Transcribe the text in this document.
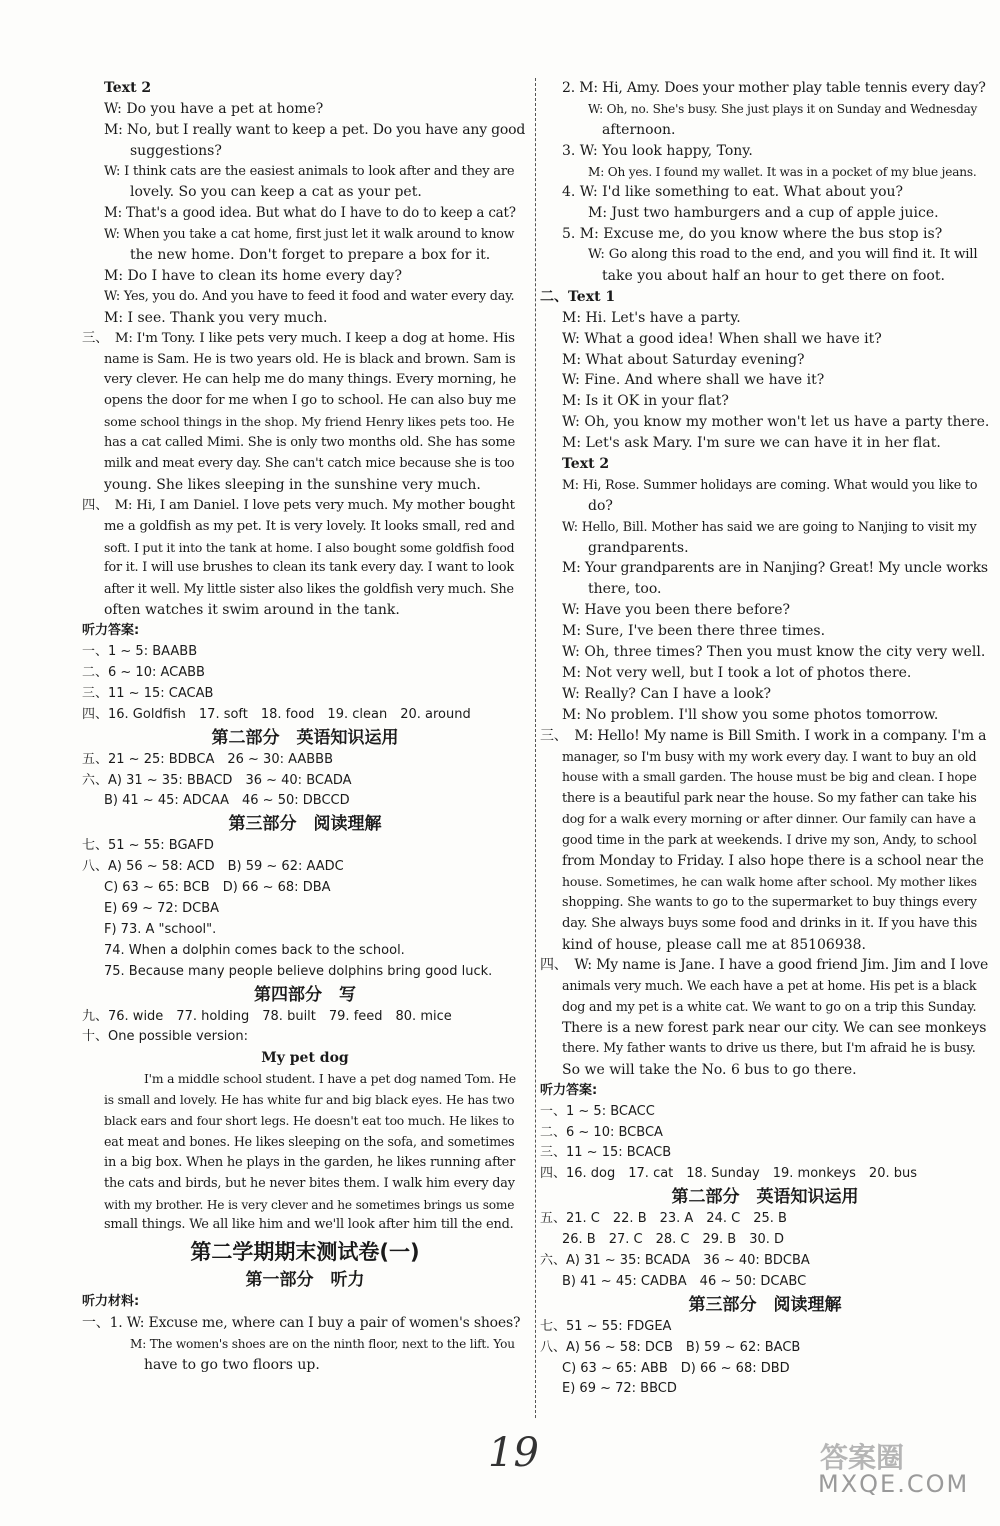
Text 2
W: Do you have a pet at home?
M: No, but I really want to keep a pet. Do you have any good
suggestions?
W: I think cats are the easiest animals to look after and they are
lovely. So you can keep a cat as your pet.
M: That's a good idea. But what do I have to do to keep a cat?
W: When you take a cat home, first just let it walk around to know
the new home. Don't forget to prepare a box for it.
M: Do I have to clean its home every day?
W: Yes, you do. And you have to feed it food and water every day.
M: I see. Thank you very much.
三、　M: I'm Tony. I like pets very much. I keep a dog at home. His
name is Sam. He is two years old. He is black and brown. Sam is
very clever. He can help me do many things. Every morning, he
opens the door for me when I go to school. He can also buy me
some school things in the shop. My friend Henry likes pets too. He
has a cat called Mimi. She is only two months old. She has some
milk and meat every day. She can't catch mice because she is too
young. She likes sleeping in the sunshine very much.
四、　M: Hi, I am Daniel. I love pets very much. My mother bought
me a goldfish as my pet. It is very lovely. It looks small, red and
soft. I put it into the tank at home. I also bought some goldfish food
for it. I will use brushes to clean its tank every day. I want to look
after it well. My little sister also likes the goldfish very much. She
often watches it swim around in the tank.
听力答案:
一、1 ~ 5: BAABB
二、6 ~ 10: ACABB
三、11 ~ 15: CACAB
四、16. Goldfish　17. soft　18. food　19. clean　20. around
第二部分　英语知识运用
五、21 ~ 25: BDBCA　26 ~ 30: AABBB
六、A) 31 ~ 35: BBACD　36 ~ 40: BCADA
B) 41 ~ 45: ADCAA　46 ~ 50: DBCCD
第三部分　阅读理解
七、51 ~ 55: BGAFD
八、A) 56 ~ 58: ACD　B) 59 ~ 62: AADC
C) 63 ~ 65: BCB　D) 66 ~ 68: DBA
E) 69 ~ 72: DCBA
F) 73. A "school".
74. When a dolphin comes back to the school.
75. Because many people believe dolphins bring good luck.
第四部分　写
九、76. wide　77. holding　78. built　79. feed　80. mice
十、One possible version:
My pet dog
I'm a middle school student. I have a pet dog named Tom. He
is small and lovely. He has white fur and big black eyes. He has two
black ears and four short legs. He doesn't eat too much. He likes to
eat meat and bones. He likes sleeping on the sofa, and sometimes
in a big box. When he plays in the garden, he likes running after
the cats and birds, but he never bites them. I walk him every day
with my brother. He is very clever and he sometimes brings us some
small things. We all like him and we'll look after him till the end.
第二学期期末测试卷(一)
第一部分　听力
听力材料:
一、1. W: Excuse me, where can I buy a pair of women's shoes?
M: The women's shoes are on the ninth floor, next to the lift. You
have to go two floors up.
2. M: Hi, Amy. Does your mother play table tennis every day?
W: Oh, no. She's busy. She just plays it on Sunday and Wednesday
afternoon.
3. W: You look happy, Tony.
M: Oh yes. I found my wallet. It was in a pocket of my blue jeans.
4. W: I'd like something to eat. What about you?
M: Just two hamburgers and a cup of apple juice.
5. M: Excuse me, do you know where the bus stop is?
W: Go along this road to the end, and you will find it. It will
take you about half an hour to get there on foot.
二、Text 1
M: Hi. Let's have a party.
W: What a good idea! When shall we have it?
M: What about Saturday evening?
W: Fine. And where shall we have it?
M: Is it OK in your flat?
W: Oh, you know my mother won't let us have a party there.
M: Let's ask Mary. I'm sure we can have it in her flat.
Text 2
M: Hi, Rose. Summer holidays are coming. What would you like to
do?
W: Hello, Bill. Mother has said we are going to Nanjing to visit my
grandparents.
M: Your grandparents are in Nanjing? Great! My uncle works
there, too.
W: Have you been there before?
M: Sure, I've been there three times.
W: Oh, three times? Then you must know the city very well.
M: Not very well, but I took a lot of photos there.
W: Really? Can I have a look?
M: No problem. I'll show you some photos tomorrow.
三、　M: Hello! My name is Bill Smith. I work in a company. I'm a
manager, so I'm busy with my work every day. I want to buy an old
house with a small garden. The house must be big and clean. I hope
there is a beautiful park near the house. So my father can take his
dog for a walk every morning or after dinner. Our family can have a
good time in the park at weekends. I drive my son, Andy, to school
from Monday to Friday. I also hope there is a school near the
house. Sometimes, he can walk home after school. My mother likes
shopping. She wants to go to the supermarket to buy things every
day. She always buys some food and drinks in it. If you have this
kind of house, please call me at 85106938.
四、　W: My name is Jane. I have a good friend Jim. Jim and I love
animals very much. We each have a pet at home. His pet is a black
dog and my pet is a white cat. We want to go on a trip this Sunday.
There is a new forest park near our city. We can see monkeys
there. My father wants to drive us there, but I'm afraid he is busy.
So we will take the No. 6 bus to go there.
听力答案:
一、1 ~ 5: BCACC
二、6 ~ 10: BCBCA
三、11 ~ 15: BCACB
四、16. dog　17. cat　18. Sunday　19. monkeys　20. bus
第二部分　英语知识运用
五、21. C　22. B　23. A　24. C　25. B
26. B　27. C　28. C　29. B　30. D
六、A) 31 ~ 35: BCADA　36 ~ 40: BDCBA
B) 41 ~ 45: CADBA　46 ~ 50: DCABC
第三部分　阅读理解
七、51 ~ 55: FDGEA
八、A) 56 ~ 58: DCB　B) 59 ~ 62: BACB
C) 63 ~ 65: ABB　D) 66 ~ 68: DBD
E) 69 ~ 72: BBCD
19	答案圈
MXQE.COM
